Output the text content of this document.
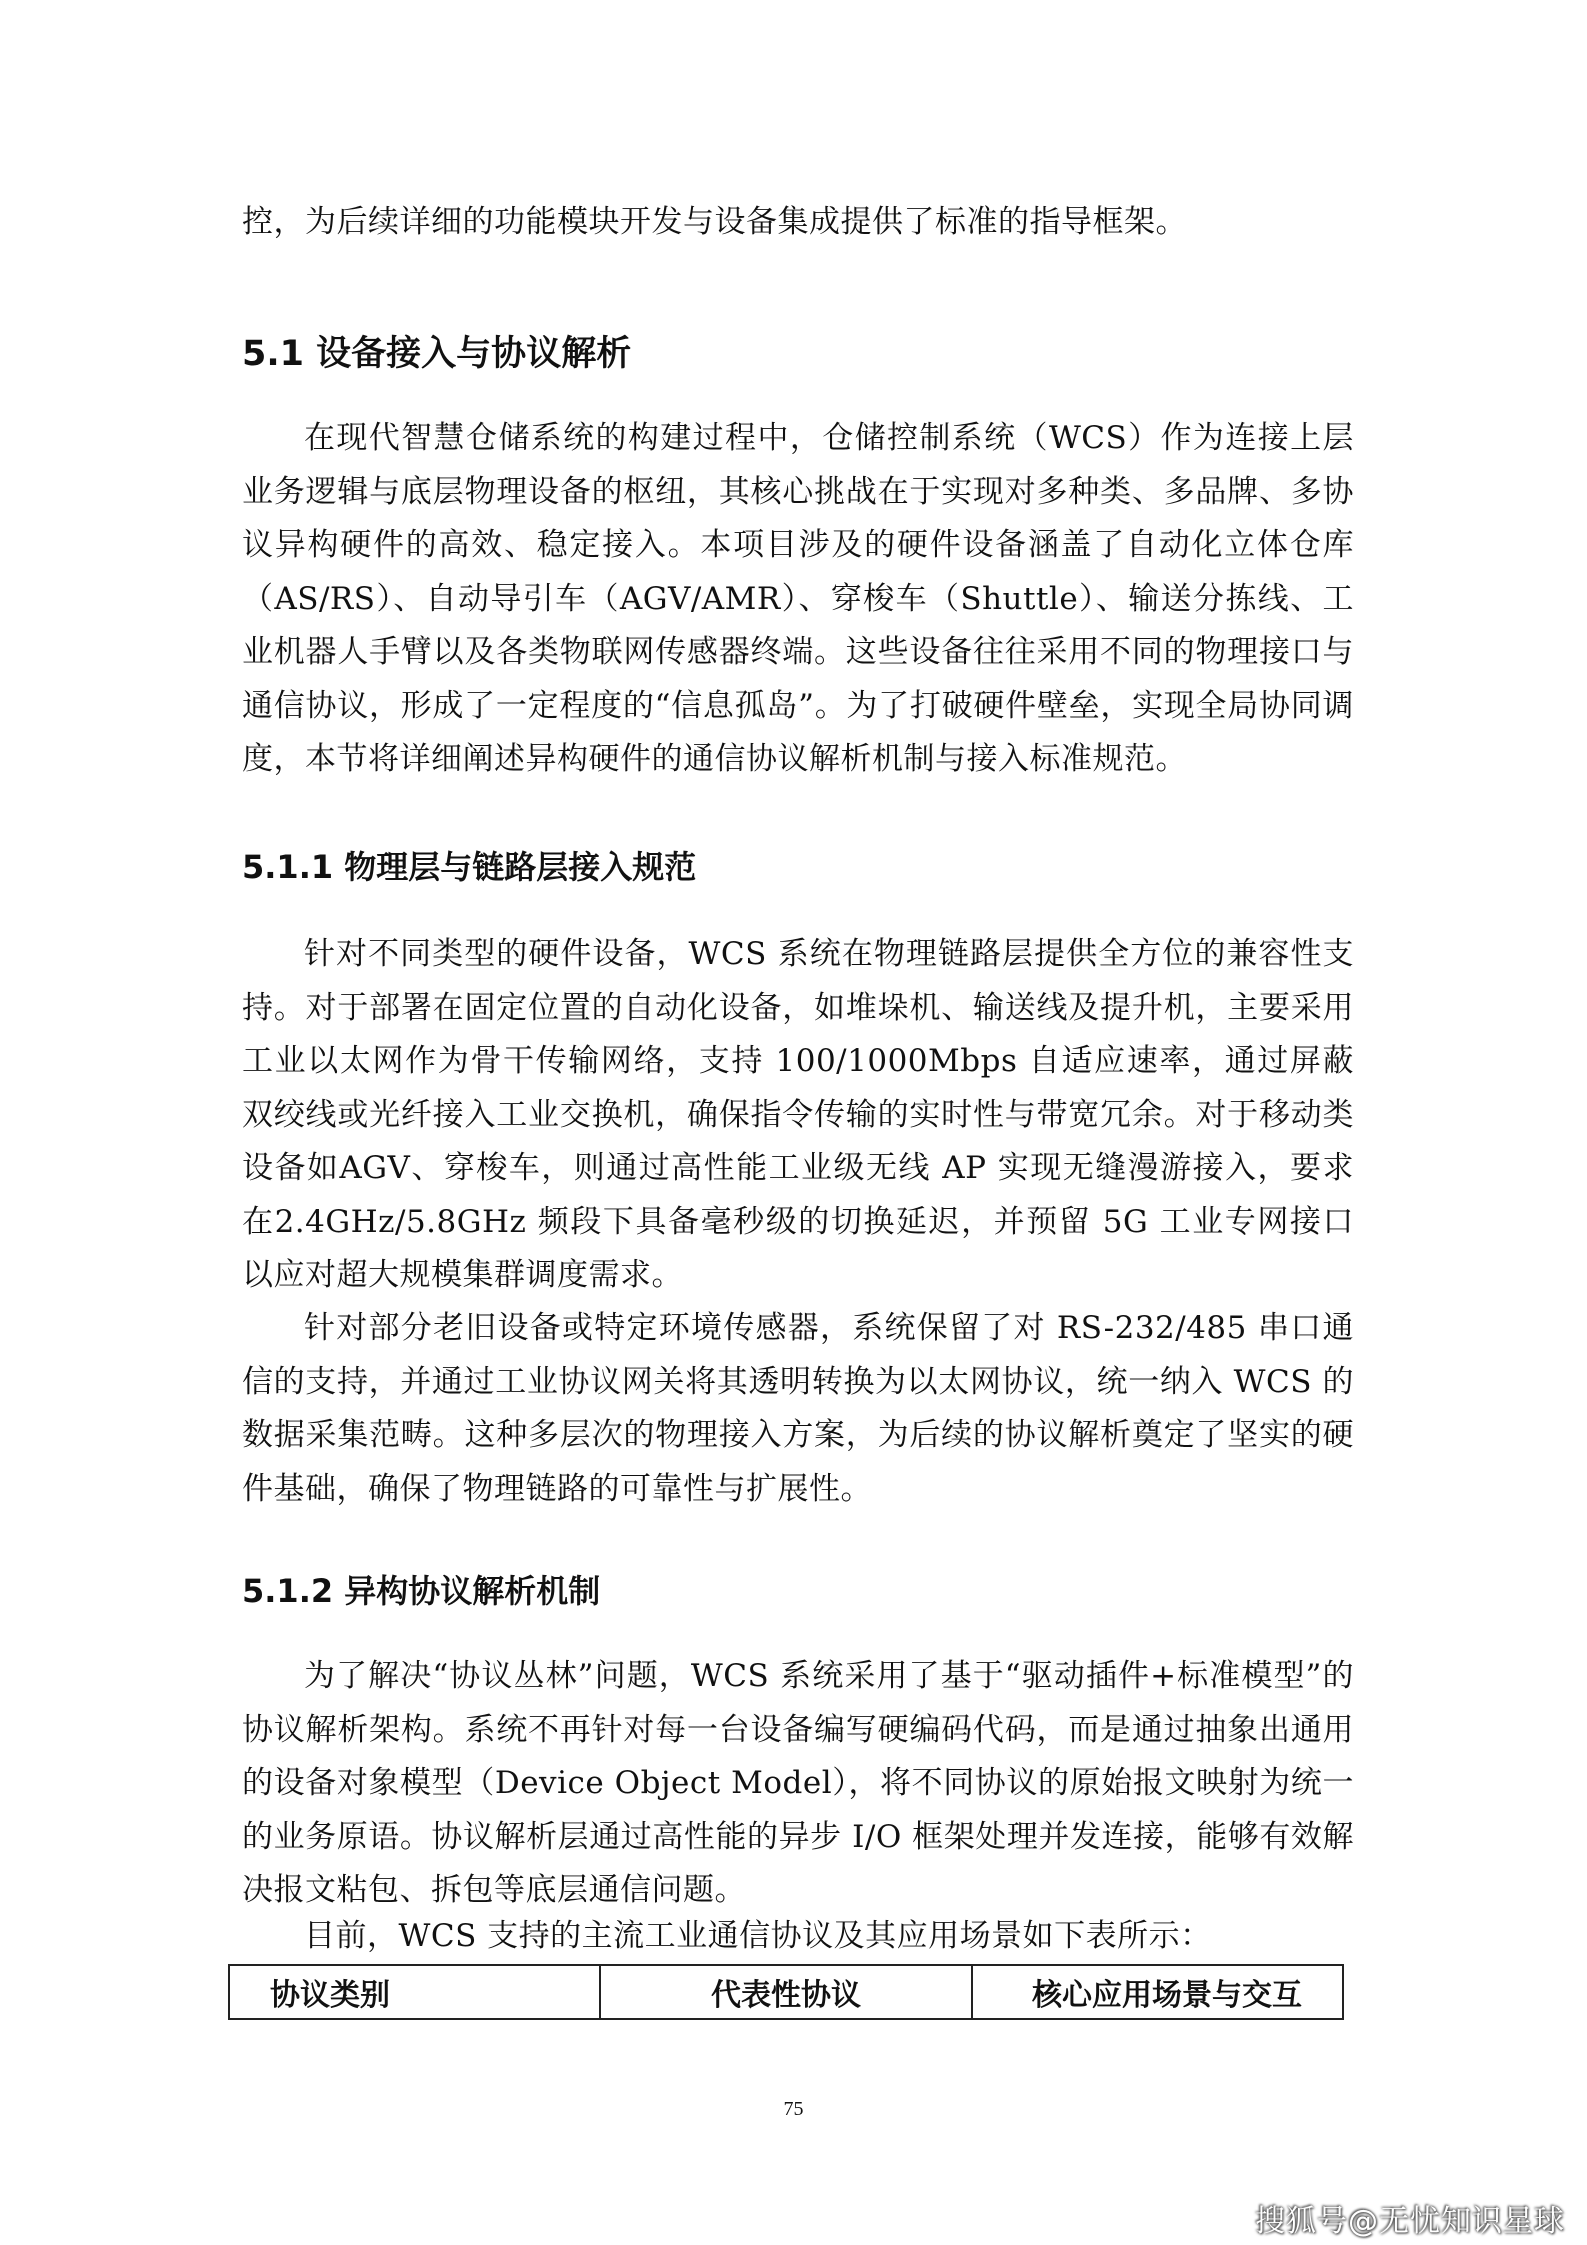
控，为后续详细的功能模块开发与设备集成提供了标准的指导框架。

5.1 设备接入与协议解析

在现代智慧仓储系统的构建过程中，仓储控制系统（WCS）作为连接上层业务逻辑与底层物理设备的枢纽，其核心挑战在于实现对多种类、多品牌、多协议异构硬件的高效、稳定接入。本项目涉及的硬件设备涵盖了自动化立体仓库（AS/RS）、自动导引车（AGV/AMR）、穿梭车（Shuttle）、输送分拣线、工业机器人手臂以及各类物联网传感器终端。这些设备往往采用不同的物理接口与通信协议，形成了一定程度的“信息孤岛”。为了打破硬件壁垒，实现全局协同调度，本节将详细阐述异构硬件的通信协议解析机制与接入标准规范。

5.1.1 物理层与链路层接入规范

针对不同类型的硬件设备，WCS 系统在物理链路层提供全方位的兼容性支持。对于部署在固定位置的自动化设备，如堆垛机、输送线及提升机，主要采用工业以太网作为骨干传输网络，支持 100/1000Mbps 自适应速率，通过屏蔽双绞线或光纤接入工业交换机，确保指令传输的实时性与带宽冗余。对于移动类设备如AGV、穿梭车，则通过高性能工业级无线 AP 实现无缝漫游接入，要求在2.4GHz/5.8GHz 频段下具备毫秒级的切换延迟，并预留 5G 工业专网接口以应对超大规模集群调度需求。

针对部分老旧设备或特定环境传感器，系统保留了对 RS-232/485 串口通信的支持，并通过工业协议网关将其透明转换为以太网协议，统一纳入 WCS 的数据采集范畴。这种多层次的物理接入方案，为后续的协议解析奠定了坚实的硬件基础，确保了物理链路的可靠性与扩展性。

5.1.2 异构协议解析机制

为了解决“协议丛林”问题，WCS 系统采用了基于“驱动插件+标准模型”的协议解析架构。系统不再针对每一台设备编写硬编码代码，而是通过抽象出通用的设备对象模型（Device Object Model），将不同协议的原始报文映射为统一的业务原语。协议解析层通过高性能的异步 I/O 框架处理并发连接，能够有效解决报文粘包、拆包等底层通信问题。

目前，WCS 支持的主流工业通信协议及其应用场景如下表所示：

协议类别	代表性协议	核心应用场景与交互
75
搜狐号@无忧知识星球
